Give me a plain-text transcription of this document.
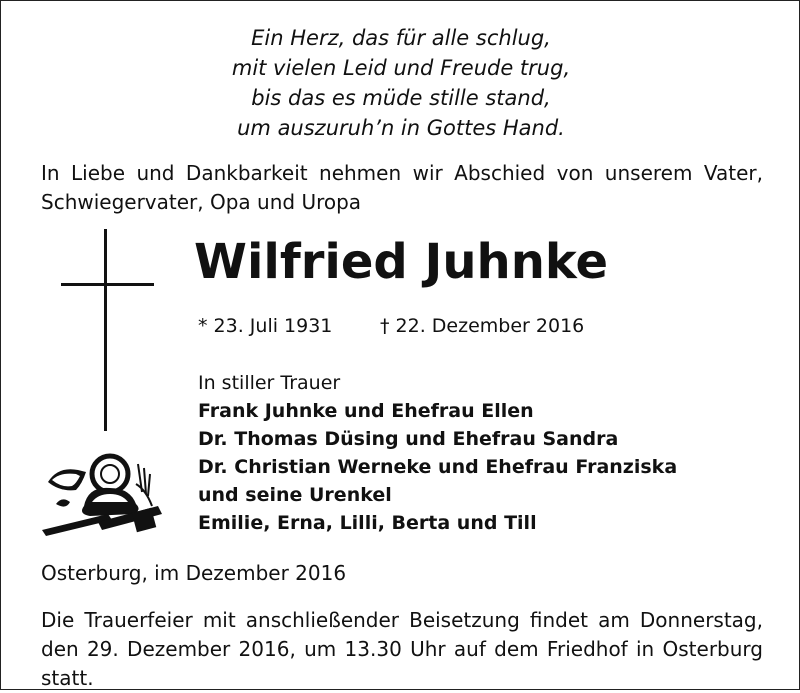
Ein Herz, das für alle schlug,
mit vielen Leid und Freude trug,
bis das es müde stille stand,
um auszuruh’n in Gottes Hand.
In Liebe und Dankbarkeit nehmen wir Abschied von unserem Vater, Schwiegervater, Opa und Uropa
Wilfried Juhnke
* 23. Juli 1931	† 22. Dezember 2016
In stiller Trauer
Frank Juhnke und Ehefrau Ellen
Dr. Thomas Düsing und Ehefrau Sandra
Dr. Christian Werneke und Ehefrau Franziska
und seine Urenkel
Emilie, Erna, Lilli, Berta und Till
Osterburg, im Dezember 2016
Die Trauerfeier mit anschließender Beisetzung findet am Donnerstag, den 29. Dezember 2016, um 13.30 Uhr auf dem Friedhof in Osterburg statt.
